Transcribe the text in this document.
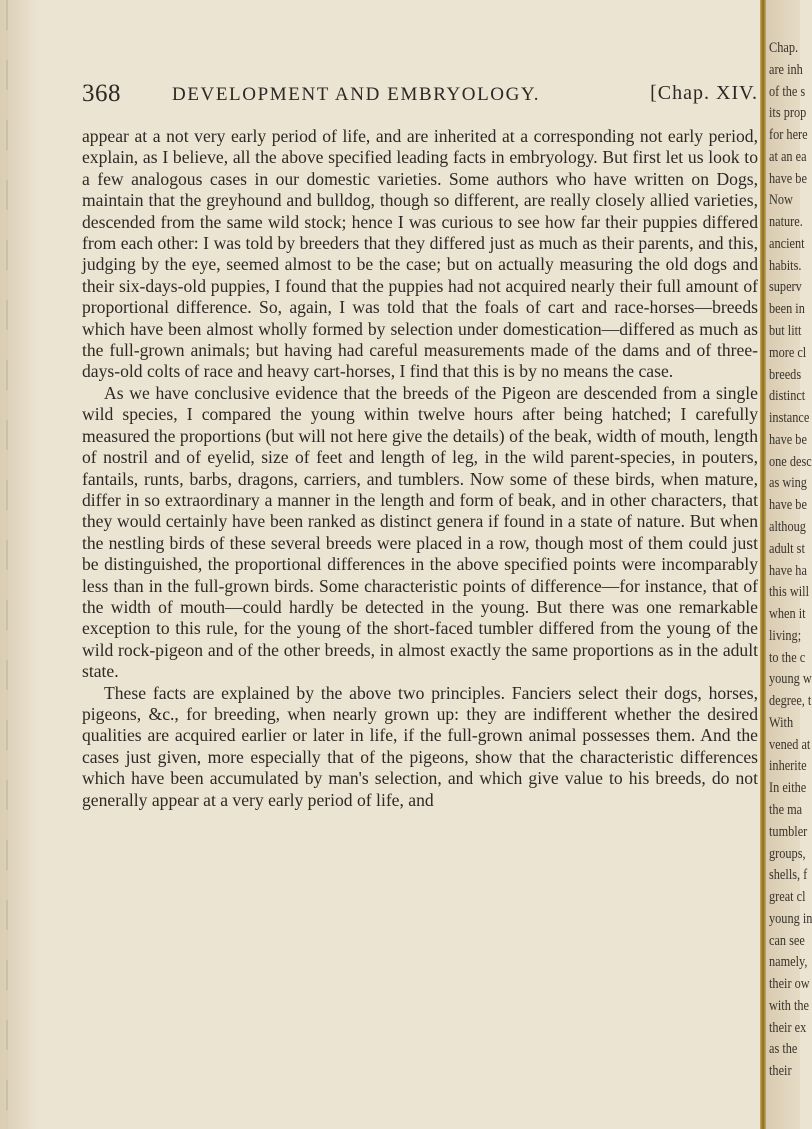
368	DEVELOPMENT AND EMBRYOLOGY.	[Chap. XIV.

appear at a not very early period of life, and are inherited at a corresponding not early period, explain, as I believe, all the above specified leading facts in embryology. But first let us look to a few analogous cases in our domestic varieties. Some authors who have written on Dogs, maintain that the greyhound and bulldog, though so different, are really closely allied varieties, descended from the same wild stock; hence I was curious to see how far their puppies differed from each other: I was told by breeders that they differed just as much as their parents, and this, judging by the eye, seemed almost to be the case; but on actually measuring the old dogs and their six-days-old puppies, I found that the puppies had not acquired nearly their full amount of proportional difference. So, again, I was told that the foals of cart and race-horses—breeds which have been almost wholly formed by selection under domestication—differed as much as the full-grown animals; but having had careful measurements made of the dams and of three-days-old colts of race and heavy cart-horses, I find that this is by no means the case.

As we have conclusive evidence that the breeds of the Pigeon are descended from a single wild species, I compared the young within twelve hours after being hatched; I carefully measured the proportions (but will not here give the details) of the beak, width of mouth, length of nostril and of eyelid, size of feet and length of leg, in the wild parent-species, in pouters, fantails, runts, barbs, dragons, carriers, and tumblers. Now some of these birds, when mature, differ in so extraordinary a manner in the length and form of beak, and in other characters, that they would certainly have been ranked as distinct genera if found in a state of nature. But when the nestling birds of these several breeds were placed in a row, though most of them could just be distinguished, the proportional differences in the above specified points were incomparably less than in the full-grown birds. Some characteristic points of difference—for instance, that of the width of mouth—could hardly be detected in the young. But there was one remarkable exception to this rule, for the young of the short-faced tumbler differed from the young of the wild rock-pigeon and of the other breeds, in almost exactly the same proportions as in the adult state.

These facts are explained by the above two principles. Fanciers select their dogs, horses, pigeons, &c., for breeding, when nearly grown up: they are indifferent whether the desired qualities are acquired earlier or later in life, if the full-grown animal possesses them. And the cases just given, more especially that of the pigeons, show that the characteristic differences which have been accumulated by man's selection, and which give value to his breeds, do not generally appear at a very early period of life, and

Chap.
are inh
of the s
its prop
for here
at an ea
have be
Now
nature.
ancient
habits.
superv
been in
but litt
more cl
breeds
distinct
instance
have be
one desc
as wing
have be
althoug
adult st
have ha
this will
when it
living;
to the c
young w
degree, t
With
vened at
inherite
In eithe
the ma
tumbler
groups,
shells, f
great cl
young in
can see
namely,
their ow
with the
their ex
as the
their
